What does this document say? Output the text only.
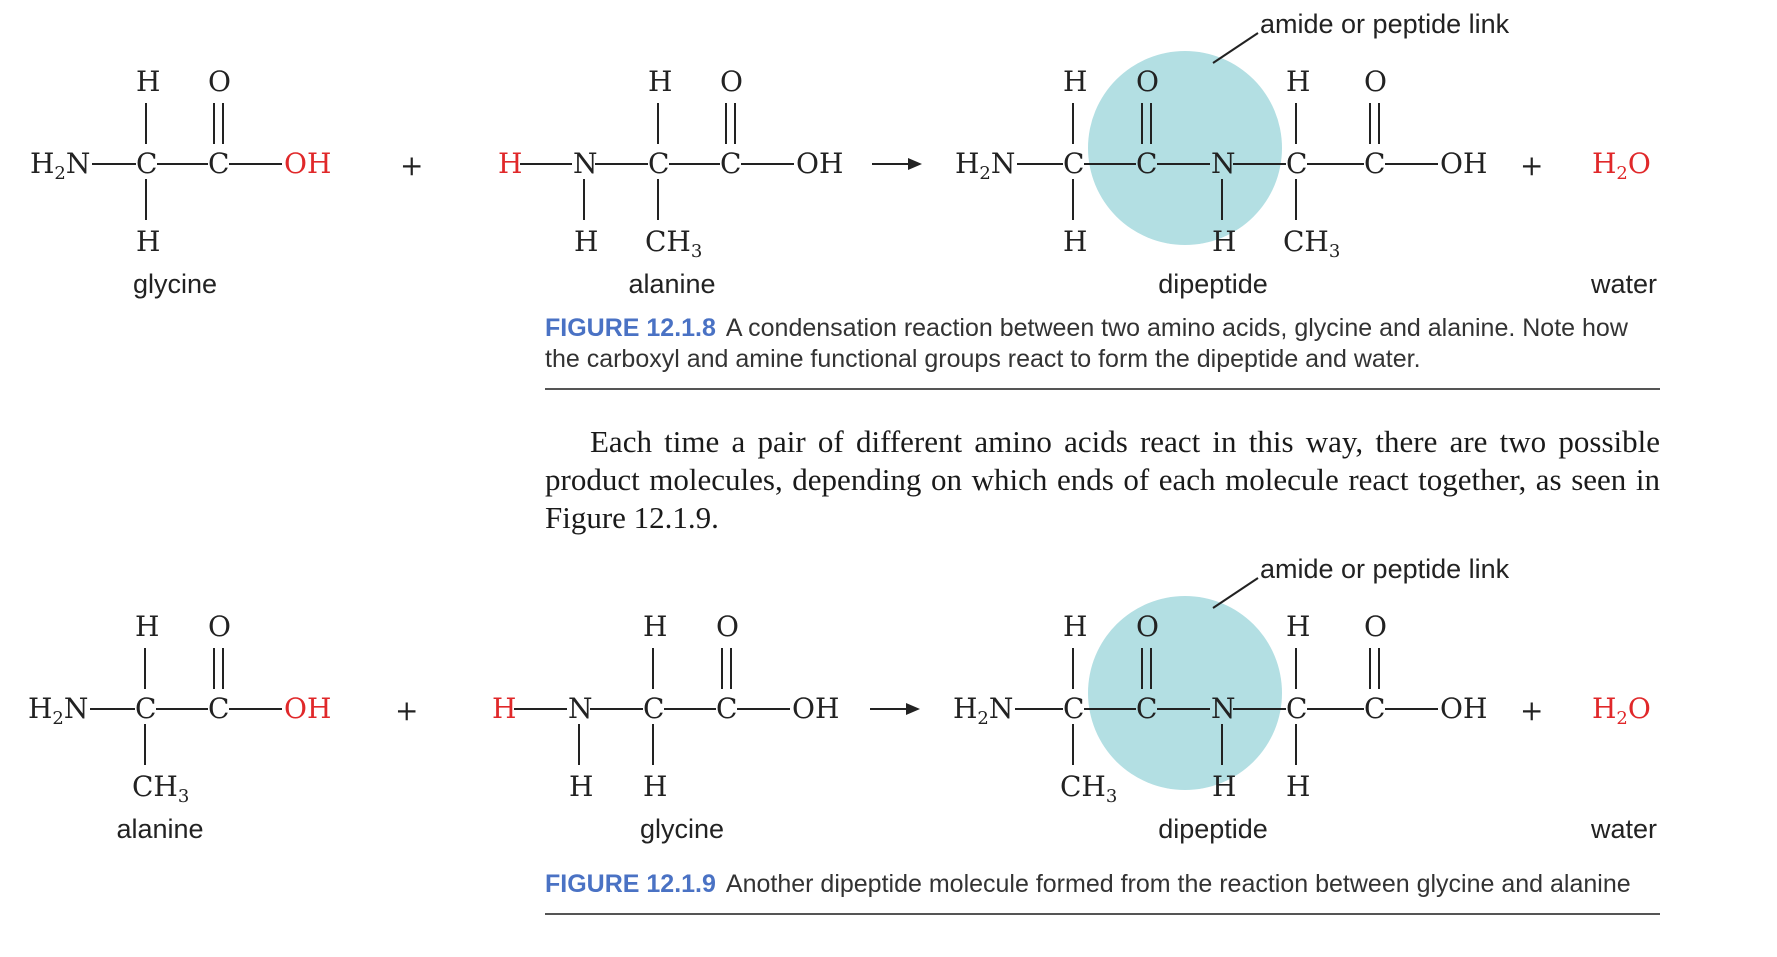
amide or peptide link
$H_2N$ C C OH
H
H
O
+	H N C C OH
H
$CH_3$
O
H
$H_2N$ C C N C C OH
H
H
O
H
H
$CH_3$
O
+ $H_2O$
glycine	alanine	dipeptide	water
amide or peptide link
$H_2N$ C C OH
H
$CH_3$
O
+	H N C C OH
H
H
O
H
$H_2N$ C C N C C OH
H
$CH_3$
O
H
H
H
O
+ $H_2O$
alanine	glycine	dipeptide	water
FIGURE 12.1.8 A condensation reaction between two amino acids, glycine and alanine. Note how the carboxyl and amine functional groups react to form the dipeptide and water.
Each time a pair of different amino acids react in this way, there are two possible product molecules, depending on which ends of each molecule react together, as seen in Figure 12.1.9.
FIGURE 12.1.9 Another dipeptide molecule formed from the reaction between glycine and alanine
